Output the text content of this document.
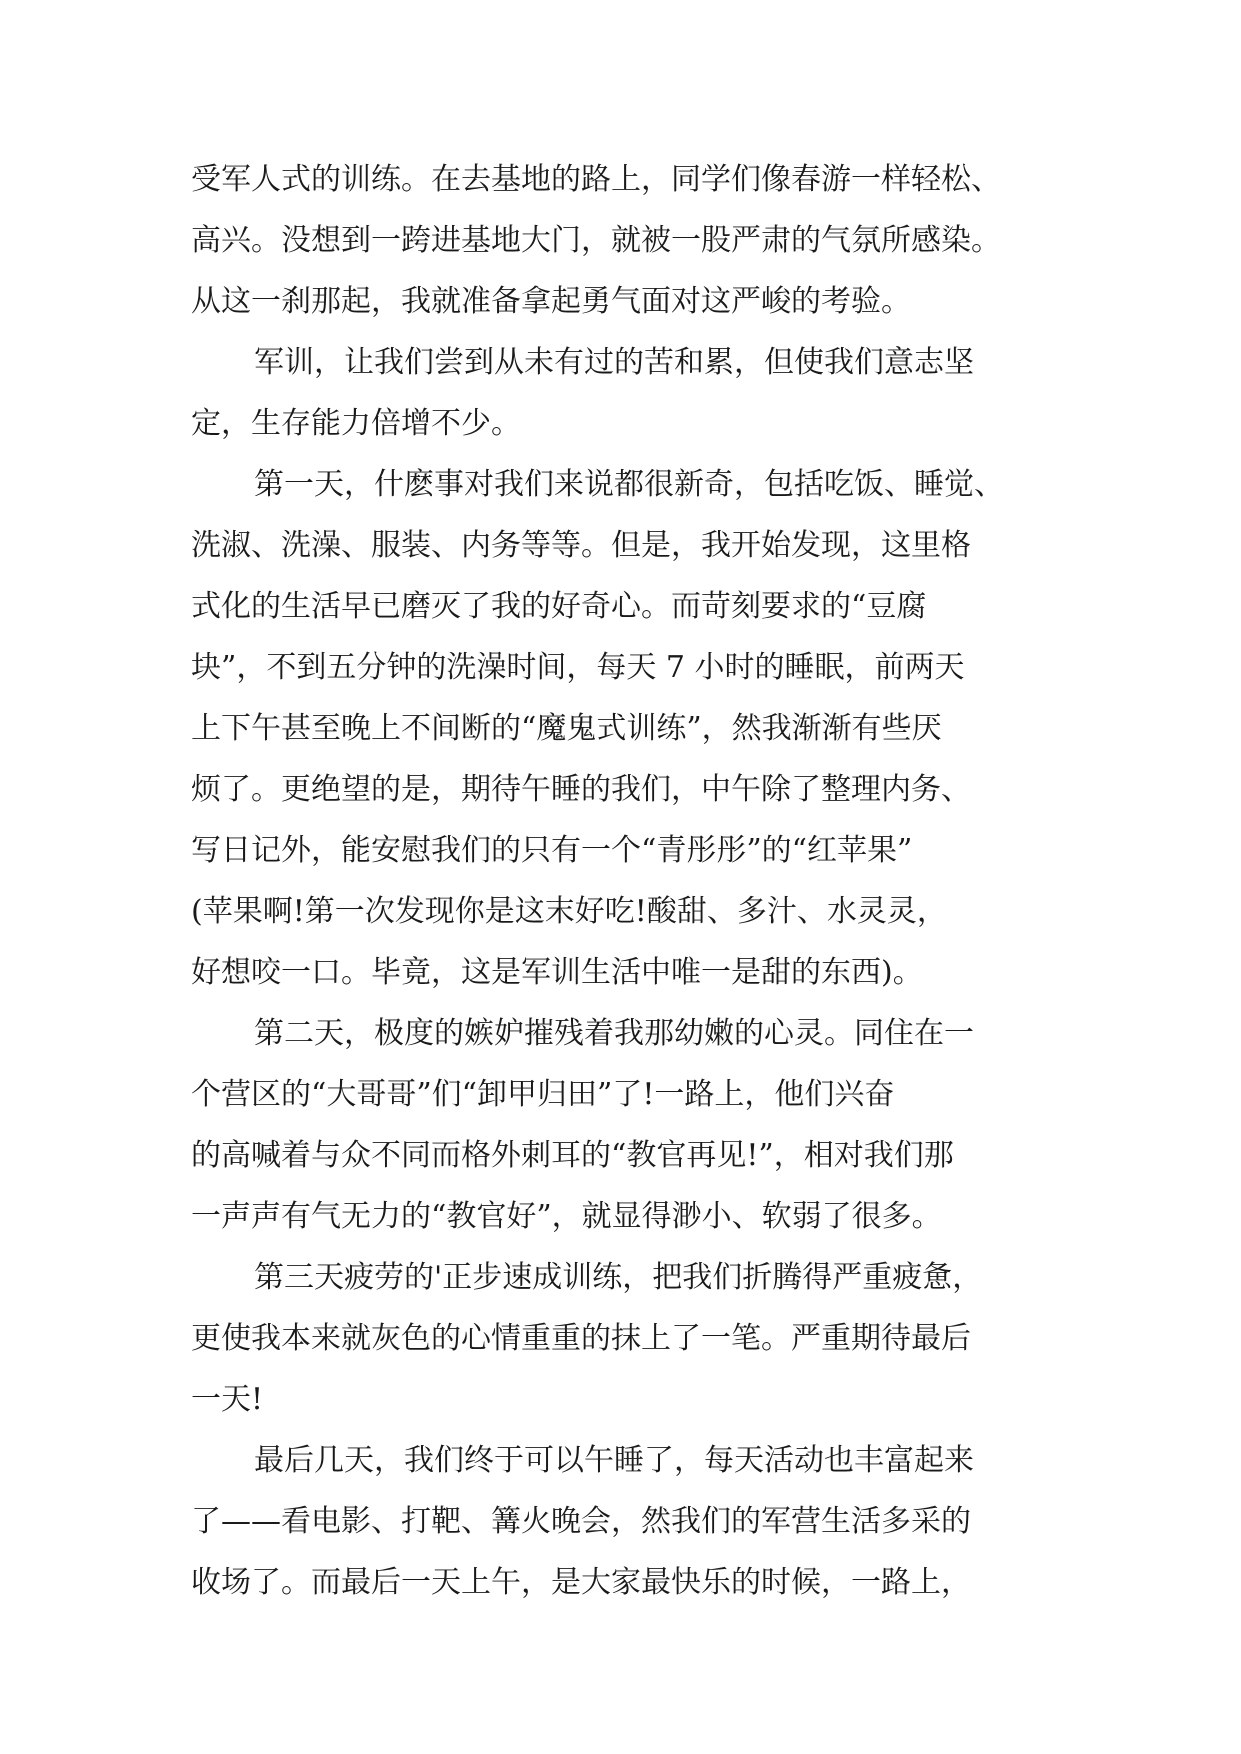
受军人式的训练。在去基地的路上，同学们像春游一样轻松、
高兴。没想到一跨进基地大门，就被一股严肃的气氛所感染。
从这一刹那起，我就准备拿起勇气面对这严峻的考验。
军训，让我们尝到从未有过的苦和累，但使我们意志坚
定，生存能力倍增不少。
第一天，什麽事对我们来说都很新奇，包括吃饭、睡觉、
洗淑、洗澡、服装、内务等等。但是，我开始发现，这里格
式化的生活早已磨灭了我的好奇心。而苛刻要求的“豆腐
块”，不到五分钟的洗澡时间，每天 7 小时的睡眠，前两天
上下午甚至晚上不间断的“魔鬼式训练”，然我渐渐有些厌
烦了。更绝望的是，期待午睡的我们，中午除了整理内务、
写日记外，能安慰我们的只有一个“青彤彤”的“红苹果”
(苹果啊!第一次发现你是这末好吃!酸甜、多汁、水灵灵，
好想咬一口。毕竟，这是军训生活中唯一是甜的东西)。
第二天，极度的嫉妒摧残着我那幼嫩的心灵。同住在一
个营区的“大哥哥”们“卸甲归田”了!一路上，他们兴奋
的高喊着与众不同而格外刺耳的“教官再见!”，相对我们那
一声声有气无力的“教官好”，就显得渺小、软弱了很多。
第三天疲劳的'正步速成训练，把我们折腾得严重疲惫，
更使我本来就灰色的心情重重的抹上了一笔。严重期待最后
一天!
最后几天，我们终于可以午睡了，每天活动也丰富起来
了——看电影、打靶、篝火晚会，然我们的军营生活多采的
收场了。而最后一天上午，是大家最快乐的时候，一路上，
